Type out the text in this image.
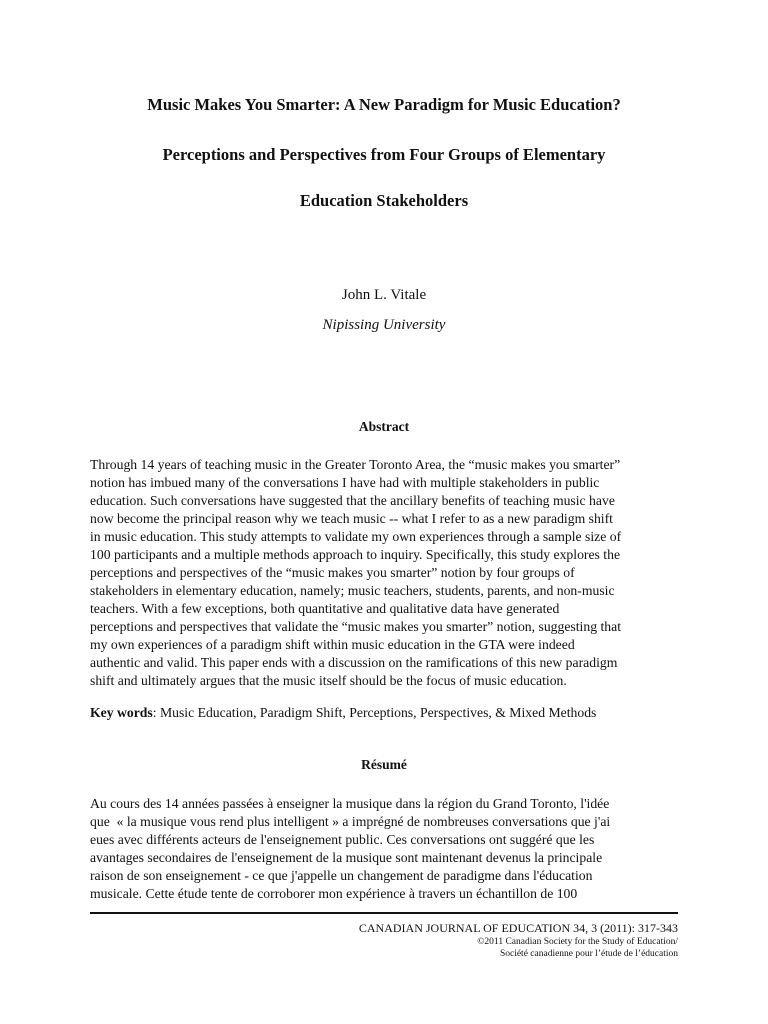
Music Makes You Smarter: A New Paradigm for Music Education?
Perceptions and Perspectives from Four Groups of Elementary
Education Stakeholders
John L. Vitale
Nipissing University
Abstract
Through 14 years of teaching music in the Greater Toronto Area, the “music makes you smarter”
notion has imbued many of the conversations I have had with multiple stakeholders in public
education. Such conversations have suggested that the ancillary benefits of teaching music have
now become the principal reason why we teach music -- what I refer to as a new paradigm shift
in music education. This study attempts to validate my own experiences through a sample size of
100 participants and a multiple methods approach to inquiry. Specifically, this study explores the
perceptions and perspectives of the “music makes you smarter” notion by four groups of
stakeholders in elementary education, namely; music teachers, students, parents, and non-music
teachers. With a few exceptions, both quantitative and qualitative data have generated
perceptions and perspectives that validate the “music makes you smarter” notion, suggesting that
my own experiences of a paradigm shift within music education in the GTA were indeed
authentic and valid. This paper ends with a discussion on the ramifications of this new paradigm
shift and ultimately argues that the music itself should be the focus of music education.
Key words: Music Education, Paradigm Shift, Perceptions, Perspectives, & Mixed Methods
Résumé
Au cours des 14 années passées à enseigner la musique dans la région du Grand Toronto, l'idée
que  « la musique vous rend plus intelligent » a imprégné de nombreuses conversations que j'ai
eues avec différents acteurs de l'enseignement public. Ces conversations ont suggéré que les
avantages secondaires de l'enseignement de la musique sont maintenant devenus la principale
raison de son enseignement - ce que j'appelle un changement de paradigme dans l'éducation
musicale. Cette étude tente de corroborer mon expérience à travers un échantillon de 100
CANADIAN JOURNAL OF EDUCATION 34, 3 (2011): 317-343
©2011 Canadian Society for the Study of Education/
Société canadienne pour l’étude de l’éducation
